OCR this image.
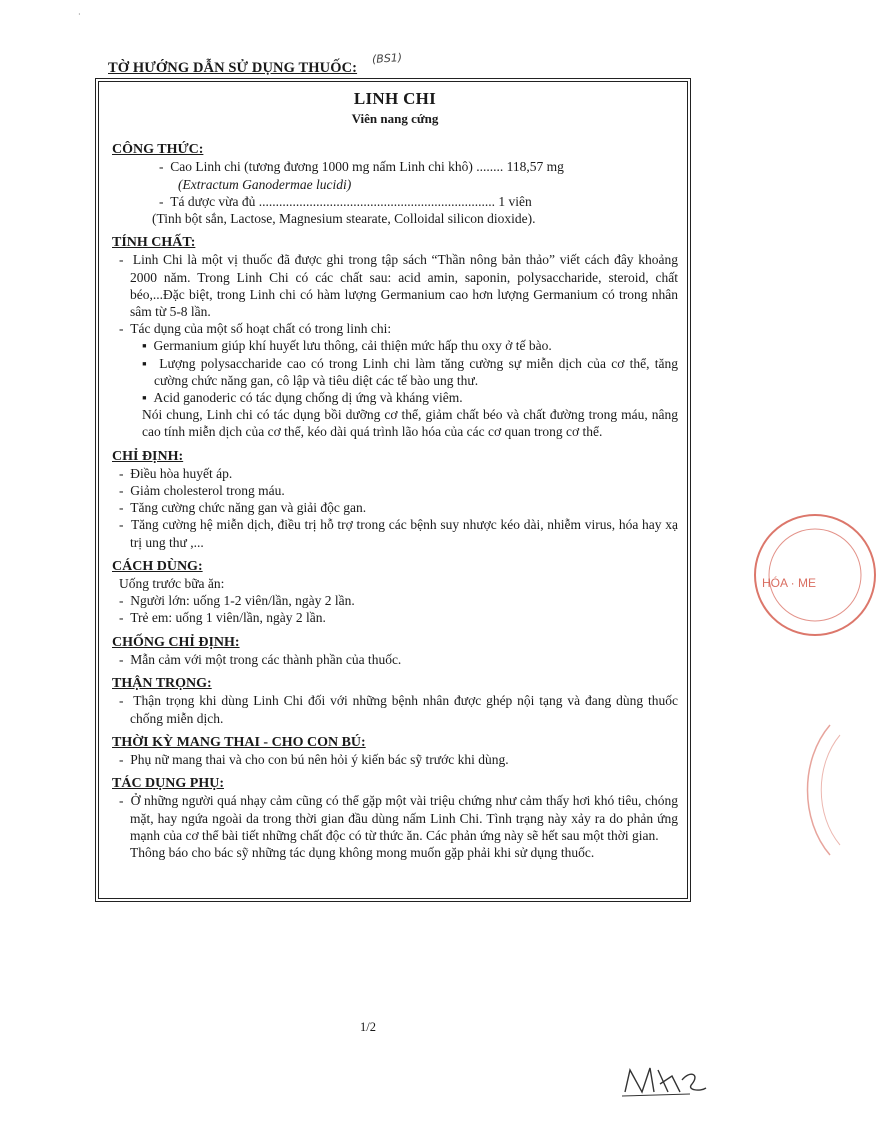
·
TỜ HƯỚNG DẪN SỬ DỤNG THUỐC:
(BS1)
LINH CHI
Viên nang cứng
CÔNG THỨC:
-  Cao Linh chi (tương đương 1000 mg nấm Linh chi khô) ........ 118,57 mg
(Extractum Ganodermae lucidi)
-  Tá dược vừa đủ ...................................................................... 1 viên
(Tinh bột sắn, Lactose, Magnesium stearate, Colloidal silicon dioxide).
TÍNH CHẤT:
-  Linh Chi là một vị thuốc đã được ghi trong tập sách “Thần nông bản thảo” viết cách đây khoảng 2000 năm. Trong Linh Chi có các chất sau: acid amin, saponin, polysaccharide, steroid, chất béo,...Đặc biệt, trong Linh chi có hàm lượng Germanium cao hơn lượng Germanium có trong nhân sâm từ 5-8 lần.
-  Tác dụng của một số hoạt chất có trong linh chi:
▪  Germanium giúp khí huyết lưu thông, cải thiện mức hấp thu oxy ở tế bào.
▪  Lượng polysaccharide cao có trong Linh chi làm tăng cường sự miễn dịch của cơ thể, tăng cường chức năng gan, cô lập và tiêu diệt các tế bào ung thư.
▪  Acid ganoderic có tác dụng chống dị ứng và kháng viêm.
Nói chung, Linh chi có tác dụng bồi dưỡng cơ thể, giảm chất béo và chất đường trong máu, nâng cao tính miễn dịch của cơ thể, kéo dài quá trình lão hóa của các cơ quan trong cơ thể.
CHỈ ĐỊNH:
-  Điều hòa huyết áp.
-  Giảm cholesterol trong máu.
-  Tăng cường chức năng gan và giải độc gan.
-  Tăng cường hệ miễn dịch, điều trị hỗ trợ trong các bệnh suy nhược kéo dài, nhiễm virus, hóa hay xạ trị ung thư ,...
CÁCH DÙNG:
Uống trước bữa ăn:
-  Người lớn: uống 1-2 viên/lần, ngày 2 lần.
-  Trẻ em: uống 1 viên/lần, ngày 2 lần.
CHỐNG CHỈ ĐỊNH:
-  Mẫn cảm với một trong các thành phần của thuốc.
THẬN TRỌNG:
-  Thận trọng khi dùng Linh Chi đối với những bệnh nhân được ghép nội tạng và đang dùng thuốc chống miễn dịch.
THỜI KỲ MANG THAI - CHO CON BÚ:
-  Phụ nữ mang thai và cho con bú nên hỏi ý kiến bác sỹ trước khi dùng.
TÁC DỤNG PHỤ:
-  Ở những người quá nhạy cảm cũng có thể gặp một vài triệu chứng như cảm thấy hơi khó tiêu, chóng mặt, hay ngứa ngoài da trong thời gian đầu dùng nấm Linh Chi. Tình trạng này xảy ra do phản ứng mạnh của cơ thể bài tiết những chất độc có từ thức ăn. Các phản ứng này sẽ hết sau một thời gian.
Thông báo cho bác sỹ những tác dụng không mong muốn gặp phải khi sử dụng thuốc.
1/2
HÓA · ME
